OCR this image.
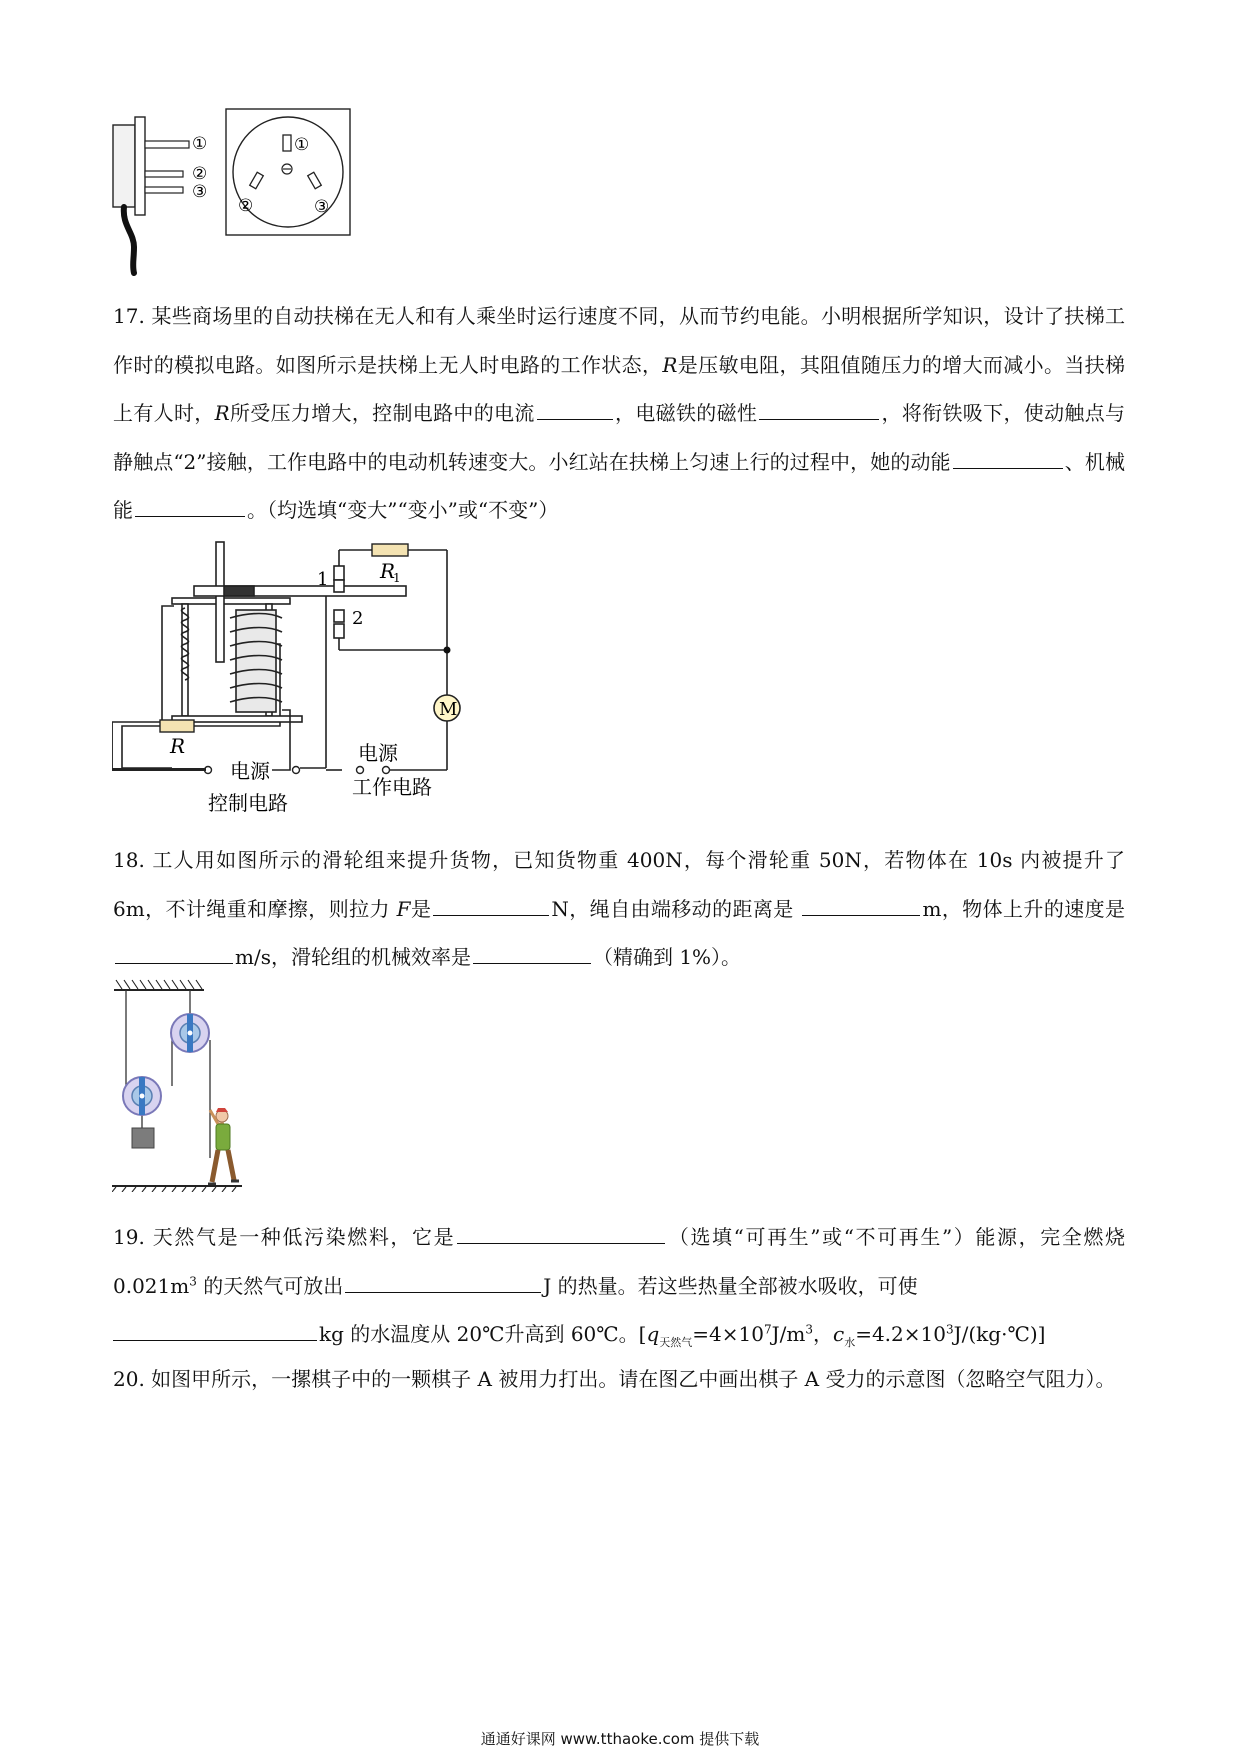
①
②
③
①
②	③
17. 某些商场里的自动扶梯在无人和有人乘坐时运行速度不同，从而节约电能。小明根据所学知识，设计了扶梯工作时的模拟电路。如图所示是扶梯上无人时电路的工作状态，R是压敏电阻，其阻值随压力的增大而减小。当扶梯上有人时，R所受压力增大，控制电路中的电流	，电磁铁的磁性	，将衔铁吸下，使动触点与静触点“2”接触，工作电路中的电动机转速变大。小红站在扶梯上匀速上行的过程中，她的动能	、机械能	。（均选填“变大”“变小”或“不变”）
R
1
1
2
M
R
电源
控制电路
电源
工作电路
18. 工人用如图所示的滑轮组来提升货物，已知货物重 400N，每个滑轮重 50N，若物体在 10s 内被提升了 6m，不计绳重和摩擦，则拉力 F是	N，绳自由端移动的距离是	m，物体上升的速度是m/s，滑轮组的机械效率是	（精确到 1%）。
19. 天然气是一种低污染燃料，它是	（选填“可再生”或“不可再生”）能源，完全燃烧 $0.021m^3$ 的天然气可放出	J 的热量。若这些热量全部被水吸收，可使
kg 的水温度从 20℃升高到 60℃。[$q_{天然气}=4\times 10^7J/m^3$，$c_水=4.2\times 10^3J/(kg\cdot℃)$]
20. 如图甲所示，一摞棋子中的一颗棋子 A 被用力打出。请在图乙中画出棋子 A 受力的示意图（忽略空气阻力）。
通通好课网 www.tthaoke.com 提供下载
